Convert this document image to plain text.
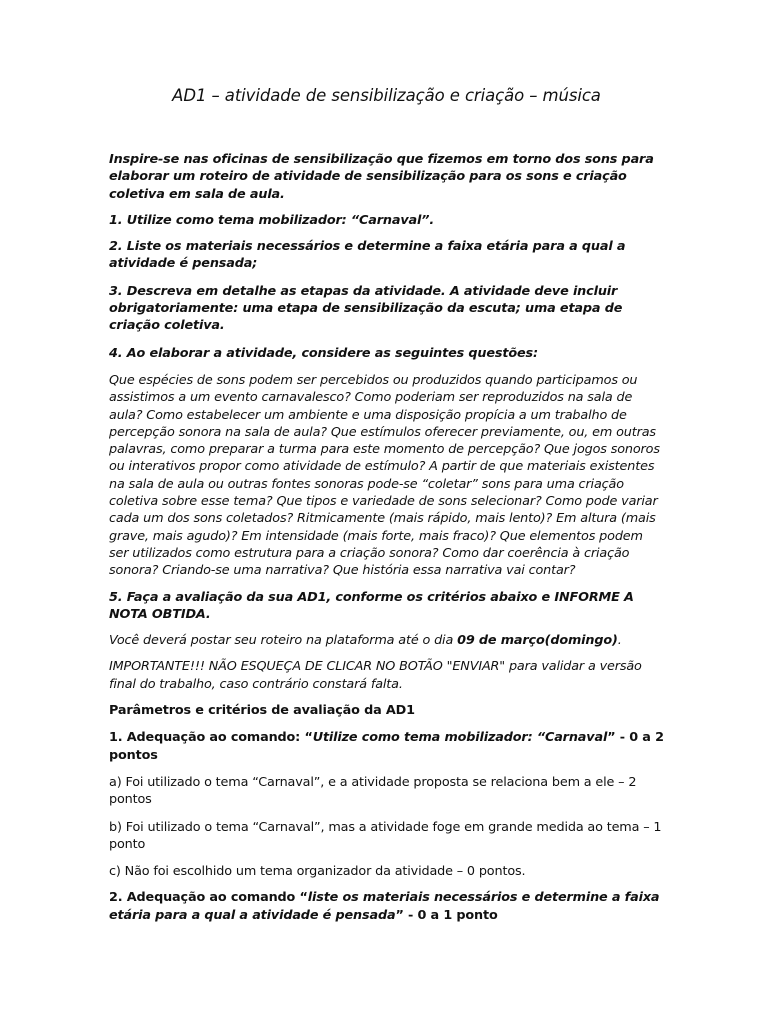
AD1 – atividade de sensibilização e criação – música

Inspire-se nas oficinas de sensibilização que fizemos em torno dos sons para elaborar um roteiro de atividade de sensibilização para os sons e criação coletiva em sala de aula.

1. Utilize como tema mobilizador: “Carnaval”.

2. Liste os materiais necessários e determine a faixa etária para a qual a atividade é pensada;

3. Descreva em detalhe as etapas da atividade. A atividade deve incluir obrigatoriamente: uma etapa de sensibilização da escuta; uma etapa de criação coletiva.

4. Ao elaborar a atividade, considere as seguintes questões:

Que espécies de sons podem ser percebidos ou produzidos quando participamos ou assistimos a um evento carnavalesco? Como poderiam ser reproduzidos na sala de aula? Como estabelecer um ambiente e uma disposição propícia a um trabalho de percepção sonora na sala de aula? Que estímulos oferecer previamente, ou, em outras palavras, como preparar a turma para este momento de percepção? Que jogos sonoros ou interativos propor como atividade de estímulo? A partir de que materiais existentes na sala de aula ou outras fontes sonoras pode-se “coletar” sons para uma criação coletiva sobre esse tema? Que tipos e variedade de sons selecionar? Como pode variar cada um dos sons coletados? Ritmicamente (mais rápido, mais lento)? Em altura (mais grave, mais agudo)? Em intensidade (mais forte, mais fraco)? Que elementos podem ser utilizados como estrutura para a criação sonora? Como dar coerência à criação sonora? Criando-se uma narrativa? Que história essa narrativa vai contar?

5. Faça a avaliação da sua AD1, conforme os critérios abaixo e INFORME A NOTA OBTIDA.

Você deverá postar seu roteiro na plataforma até o dia 09 de março(domingo).

IMPORTANTE!!! NÃO ESQUEÇA DE CLICAR NO BOTÃO "ENVIAR" para validar a versão final do trabalho, caso contrário constará falta.

Parâmetros e critérios de avaliação da AD1

1. Adequação ao comando: “Utilize como tema mobilizador: “Carnaval” - 0 a 2 pontos

a) Foi utilizado o tema “Carnaval”, e a atividade proposta se relaciona bem a ele – 2 pontos

b) Foi utilizado o tema “Carnaval”, mas a atividade foge em grande medida ao tema – 1 ponto

c) Não foi escolhido um tema organizador da atividade – 0 pontos.

2. Adequação ao comando “liste os materiais necessários e determine a faixa etária para a qual a atividade é pensada” - 0 a 1 ponto
